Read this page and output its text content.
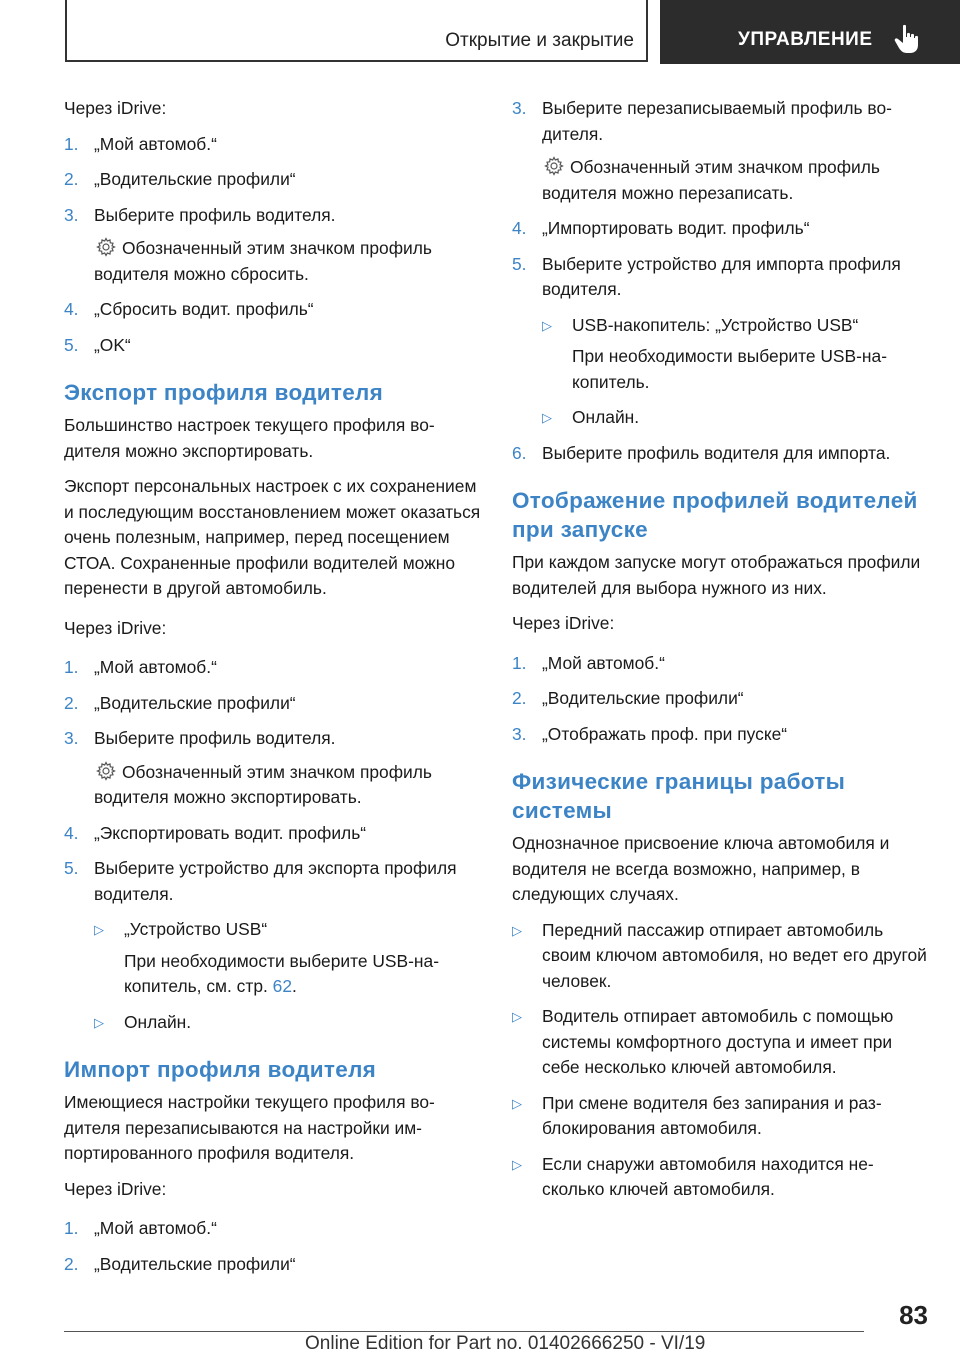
Открытие и закрытие	УПРАВЛЕНИЕ

Через iDrive:

1. „Мой автомоб.“
2. „Водительские профили“
3. Выберите профиль водителя.
Обозначенный этим значком профиль водителя можно сбросить.
4. „Сбросить водит. профиль“
5. „OK“
Экспорт профиля водителя

Большинство настроек текущего профиля водителя можно экспортировать.

Экспорт персональных настроек с их сохранением и последующим восстановлением может оказаться очень полезным, например, перед посещением СТОА. Сохраненные профили водителей можно перенести в другой автомобиль.

Через iDrive:

1. „Мой автомоб.“
2. „Водительские профили“
3. Выберите профиль водителя.
Обозначенный этим значком профиль водителя можно экспортировать.
4. „Экспортировать водит. профиль“
5. Выберите устройство для экспорта профиля водителя.
▷ „Устройство USB“
При необходимости выберите USB-накопитель, см. стр. 62.
▷ Онлайн.
Импорт профиля водителя

Имеющиеся настройки текущего профиля водителя перезаписываются на настройки импортированного профиля водителя.

Через iDrive:

1. „Мой автомоб.“
2. „Водительские профили“
3. Выберите перезаписываемый профиль водителя.
Обозначенный этим значком профиль водителя можно перезаписать.
4. „Импортировать водит. профиль“
5. Выберите устройство для импорта профиля водителя.
▷ USB-накопитель: „Устройство USB“
При необходимости выберите USB-накопитель.
▷ Онлайн.
6. Выберите профиль водителя для импорта.
Отображение профилей водителей при запуске

При каждом запуске могут отображаться профили водителей для выбора нужного из них.

Через iDrive:

1. „Мой автомоб.“
2. „Водительские профили“
3. „Отображать проф. при пуске“
Физические границы работы системы

Однозначное присвоение ключа автомобиля и водителя не всегда возможно, например, в следующих случаях.

▷ Передний пассажир отпирает автомобиль своим ключом автомобиля, но ведет его другой человек.
▷ Водитель отпирает автомобиль с помощью системы комфортного доступа и имеет при себе несколько ключей автомобиля.
▷ При смене водителя без запирания и разблокирования автомобиля.
▷ Если снаружи автомобиля находится несколько ключей автомобиля.
83
Online Edition for Part no. 01402666250 - VI/19
